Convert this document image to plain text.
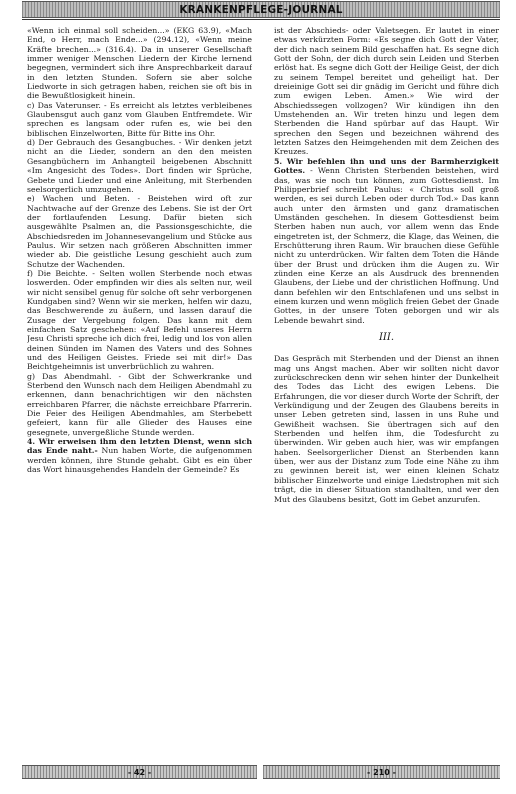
KRANKENPFLEGE-JOURNAL

«Wenn ich einmal soll scheiden...» (EKG 63.9), «Mach End, o Herr, mach Ende...» (294.12), «Wenn meine Kräfte brechen...» (316.4). Da in unserer Gesellschaft immer weniger Menschen Liedern der Kirche lernend begegnen, vermindert sich ihre Ansprechbarkeit darauf in den letzten Stunden. Sofern sie aber solche Liedworte in sich getragen haben, reichen sie oft bis in die Bewußtlosigkeit hinein.

c) Das Vaterunser. - Es erreicht als letztes verbleibenes Glaubensgut auch ganz vom Glauben Entfremdete. Wir sprechen es langsam oder rufen es, wie bei den biblischen Einzelworten, Bitte für Bitte ins Ohr.

d) Der Gebrauch des Gesangbuches. - Wir denken jetzt nicht an die Lieder, sondern an den den meisten Gesangbüchern im Anhangteil beigebenen Abschnitt «Im Angesicht des Todes». Dort finden wir Sprüche, Gebete und Lieder und eine Anleitung, mit Sterbenden seelsorgerlich umzugehen.

e) Wachen und Beten. - Beistehen wird oft zur Nachtwache auf der Grenze des Lebens. Sie ist der Ort der fortlaufenden Lesung. Dafür bieten sich ausgewählte Psalmen an, die Passionsgeschichte, die Abschiedsreden im Johannesevangelium und Stücke aus Paulus. Wir setzen nach größeren Abschnitten immer wieder ab. Die geistliche Lesung geschieht auch zum Schutze der Wachenden.

f) Die Beichte. - Selten wollen Sterbende noch etwas loswerden. Oder empfinden wir dies als selten nur, weil wir nicht sensibel genug für solche oft sehr verborgenen Kundgaben sind? Wenn wir sie merken, helfen wir dazu, das Beschwerende zu äußern, und lassen darauf die Zusage der Vergebung folgen. Das kann mit dem einfachen Satz geschehen: «Auf Befehl unseres Herrn Jesu Christi spreche ich dich frei, ledig und los von allen deinen Sünden im Namen des Vaters und des Sohnes und des Heiligen Geistes. Friede sei mit dir!» Das Beichtgeheimnis ist unverbrüchlich zu wahren.

g) Das Abendmahl. - Gibt der Schwerkranke und Sterbend den Wunsch nach dem Heiligen Abendmahl zu erkennen, dann benachrichtigen wir den nächsten erreichbaren Pfarrer, die nächste erreichbare Pfarrerin. Die Feier des Heiligen Abendmahles, am Sterbebett gefeiert, kann für alle Glieder des Hauses eine gesegnete, unvergeßliche Stunde werden.

4. Wir erweisen ihm den letzten Dienst, wenn sich das Ende naht.- Nun haben Worte, die aufgenommen werden können, ihre Stunde gehabt. Gibt es ein über das Wort hinausgehendes Handeln der Gemeinde? Es

ist der Abschieds- oder Valetsegen. Er lautet in einer etwas verkürzten Form: «Es segne dich Gott der Vater, der dich nach seinem Bild geschaffen hat. Es segne dich Gott der Sohn, der dich durch sein Leiden und Sterben erlöst hat. Es segne dich Gott der Heilige Geist, der dich zu seinem Tempel bereitet und geheiligt hat. Der dreieinige Gott sei dir gnädig im Gericht und führe dich zum ewigen Leben. Amen.» Wie wird der Abschiedssegen vollzogen? Wir kündigen ihn den Umstehenden an. Wir treten hinzu und legen dem Sterbenden die Hand spürbar auf das Haupt. Wir sprechen den Segen und bezeichnen während des letzten Satzes den Heimgehenden mit dem Zeichen des Kreuzes.

5. Wir befehlen ihn und uns der Barmherzigkeit Gottes. - Wenn Christen Sterbenden beistehen, wird das, was sie noch tun können, zum Gottesdienst. Im Philipperbrief schreibt Paulus: « Christus soll groß werden, es sei durch Leben oder durch Tod.» Das kann auch unter den ärmsten und ganz dramatischen Umständen geschehen. In diesem Gottesdienst beim Sterben haben nun auch, vor allem wenn das Ende eingetreten ist, der Schmerz, die Klage, das Weinen, die Erschütterung ihren Raum. Wir brauchen diese Gefühle nicht zu unterdrücken. Wir falten dem Toten die Hände über der Brust und drücken ihm die Augen zu. Wir zünden eine Kerze an als Ausdruck des brennenden Glaubens, der Liebe und der christlichen Hoffnung. Und dann befehlen wir den Entschlafenen und uns selbst in einem kurzen und wenn möglich freien Gebet der Gnade Gottes, in der unsere Toten geborgen und wir als Lebende bewahrt sind.

III.

Das Gespräch mit Sterbenden und der Dienst an ihnen mag uns Angst machen. Aber wir sollten nicht davor zurückschrecken denn wir sehen hinter der Dunkelheit des Todes das Licht des ewigen Lebens. Die Erfahrungen, die vor dieser durch Worte der Schrift, der Verkündigung und der Zeugen des Glaubens bereits in unser Leben getreten sind, lassen in uns Ruhe und Gewißheit wachsen. Sie übertragen sich auf den Sterbenden und helfen ihm, die Todesfurcht zu überwinden. Wir geben auch hier, was wir empfangen haben. Seelsorgerlicher Dienst an Sterbenden kann üben, wer aus der Distanz zum Tode eine Nähe zu ihm zu gewinnen bereit ist, wer einen kleinen Schatz biblischer Einzelworte und einige Liedstrophen mit sich trägt, die in dieser Situation standhalten, und wer den Mut des Glaubens besitzt, Gott im Gebet anzurufen.

- 42 -	- 210 -
